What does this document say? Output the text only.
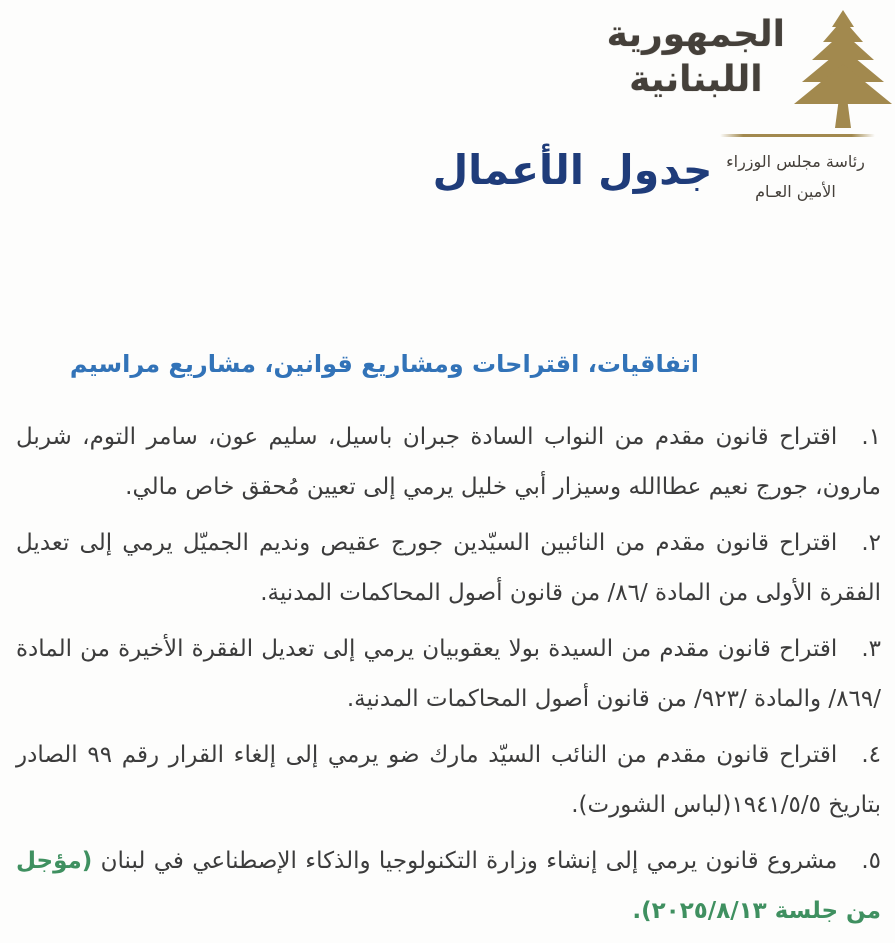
الجمهورية
اللبنانية
رئاسة مجلس الوزراء
الأمين العـام
جدول الأعمال
اتفاقيات، اقتراحات ومشاريع قوانين، مشاريع مراسيم

١.اقتراح قانون مقدم من النواب السادة جبران باسيل، سليم عون، سامر التوم، شربل مارون، جورج نعيم عطاالله وسيزار أبي خليل يرمي إلى تعيين مُحقق خاص مالي.

٢.اقتراح قانون مقدم من النائبين السيّدين جورج عقيص ونديم الجميّل يرمي إلى تعديل الفقرة الأولى من المادة /٨٦/ من قانون أصول المحاكمات المدنية.

٣.اقتراح قانون مقدم من السيدة بولا يعقوبيان يرمي إلى تعديل الفقرة الأخيرة من المادة /٨٦٩/ والمادة /٩٢٣/ من قانون أصول المحاكمات المدنية.

٤.اقتراح قانون مقدم من النائب السيّد مارك ضو يرمي إلى إلغاء القرار رقم ٩٩ الصادر بتاريخ ١٩٤١/٥/٥(لباس الشورت).

٥.مشروع قانون يرمي إلى إنشاء وزارة التكنولوجيا والذكاء الإصطناعي في لبنان (مؤجل من جلسة ٢٠٢٥/٨/١٣).
